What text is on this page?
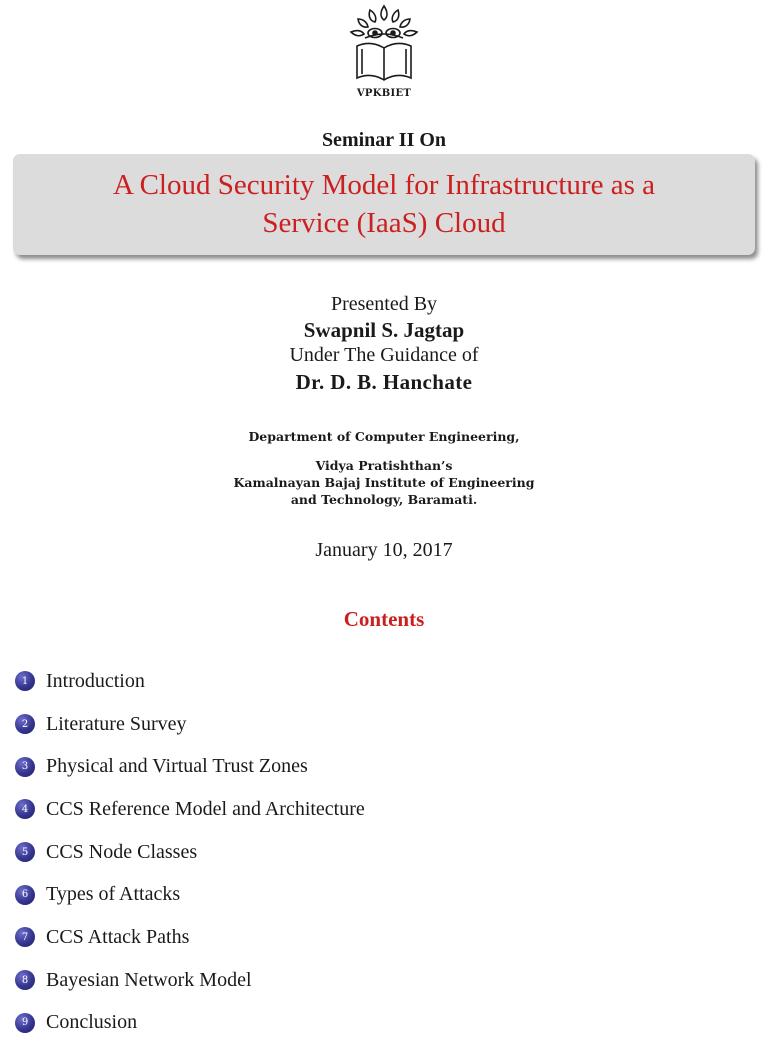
VPKBIET
Seminar II On
A Cloud Security Model for Infrastructure as a
Service (IaaS) Cloud
Presented By
Swapnil S. Jagtap
Under The Guidance of
Dr. D. B. Hanchate
Department of Computer Engineering,
Vidya Pratishthan’s
Kamalnayan Bajaj Institute of Engineering
and Technology, Baramati.
January 10, 2017
Contents
1 Introduction
2 Literature Survey
3 Physical and Virtual Trust Zones
4 CCS Reference Model and Architecture
5 CCS Node Classes
6 Types of Attacks
7 CCS Attack Paths
8 Bayesian Network Model
9 Conclusion
